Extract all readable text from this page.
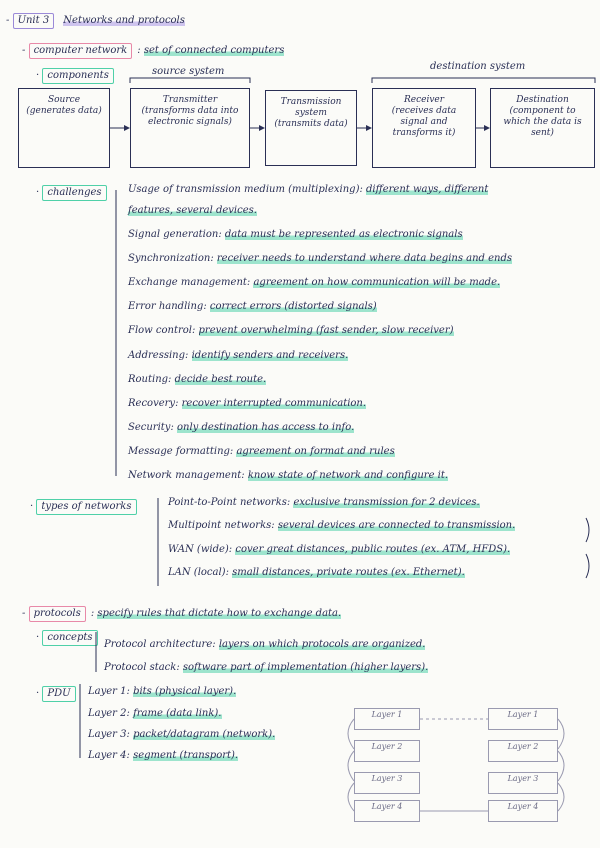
- Unit 3 Networks and protocols
- computer network : set of connected computers
· components	source system	destination system
Source
(generates data)
Transmitter
(transforms data into electronic signals)
Transmission system
(transmits data)
Receiver
(receives data signal and transforms it)
Destination
(component to which the data is sent)
· challenges	Usage of transmission medium (multiplexing): different ways, different
features, several devices.
Signal generation: data must be represented as electronic signals
Synchronization: receiver needs to understand where data begins and ends
Exchange management: agreement on how communication will be made.
Error handling: correct errors (distorted signals)
Flow control: prevent overwhelming (fast sender, slow receiver)
Addressing: identify senders and receivers.
Routing: decide best route.
Recovery: recover interrupted communication.
Security: only destination has access to info.
Message formatting: agreement on format and rules
Network management: know state of network and configure it.
· types of networks	Point-to-Point networks: exclusive transmission for 2 devices.
Multipoint networks: several devices are connected to transmission.
WAN (wide): cover great distances, public routes (ex. ATM, HFDS).
LAN (local): small distances, private routes (ex. Ethernet).
- protocols : specify rules that dictate how to exchange data.
· concepts
Protocol architecture: layers on which protocols are organized.
Protocol stack: software part of implementation (higher layers).
· PDU	Layer 1: bits (physical layer).
Layer 2: frame (data link).
Layer 3: packet/datagram (network).
Layer 4: segment (transport).
Layer 1
Layer 2
Layer 3
Layer 4
Layer 1
Layer 2
Layer 3
Layer 4
